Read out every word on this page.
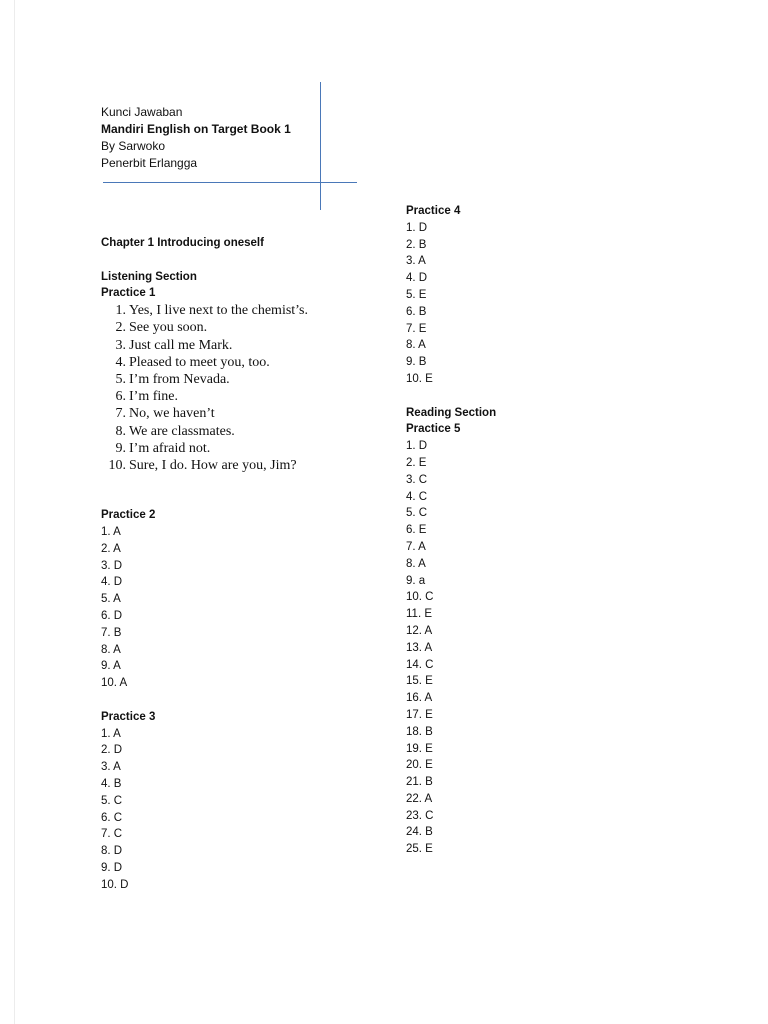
Kunci Jawaban
Mandiri English on Target Book 1
By Sarwoko
Penerbit Erlangga
Chapter 1 Introducing oneself
Listening Section
Practice 1
1. Yes, I live next to the chemist’s.
2. See you soon.
3. Just call me Mark.
4. Pleased to meet you, too.
5. I’m from Nevada.
6. I’m fine.
7. No, we haven’t
8. We are classmates.
9. I’m afraid not.
10. Sure, I do. How are you, Jim?
Practice 2
1. A
2. A
3. D
4. D
5. A
6. D
7. B
8. A
9. A
10. A
Practice 3
1. A
2. D
3. A
4. B
5. C
6. C
7. C
8. D
9. D
10. D
Practice 4
1. D
2. B
3. A
4. D
5. E
6. B
7. E
8. A
9. B
10. E
Reading Section
Practice 5
1. D
2. E
3. C
4. C
5. C
6. E
7. A
8. A
9. a
10. C
11. E
12. A
13. A
14. C
15. E
16. A
17. E
18. B
19. E
20. E
21. B
22. A
23. C
24. B
25. E
